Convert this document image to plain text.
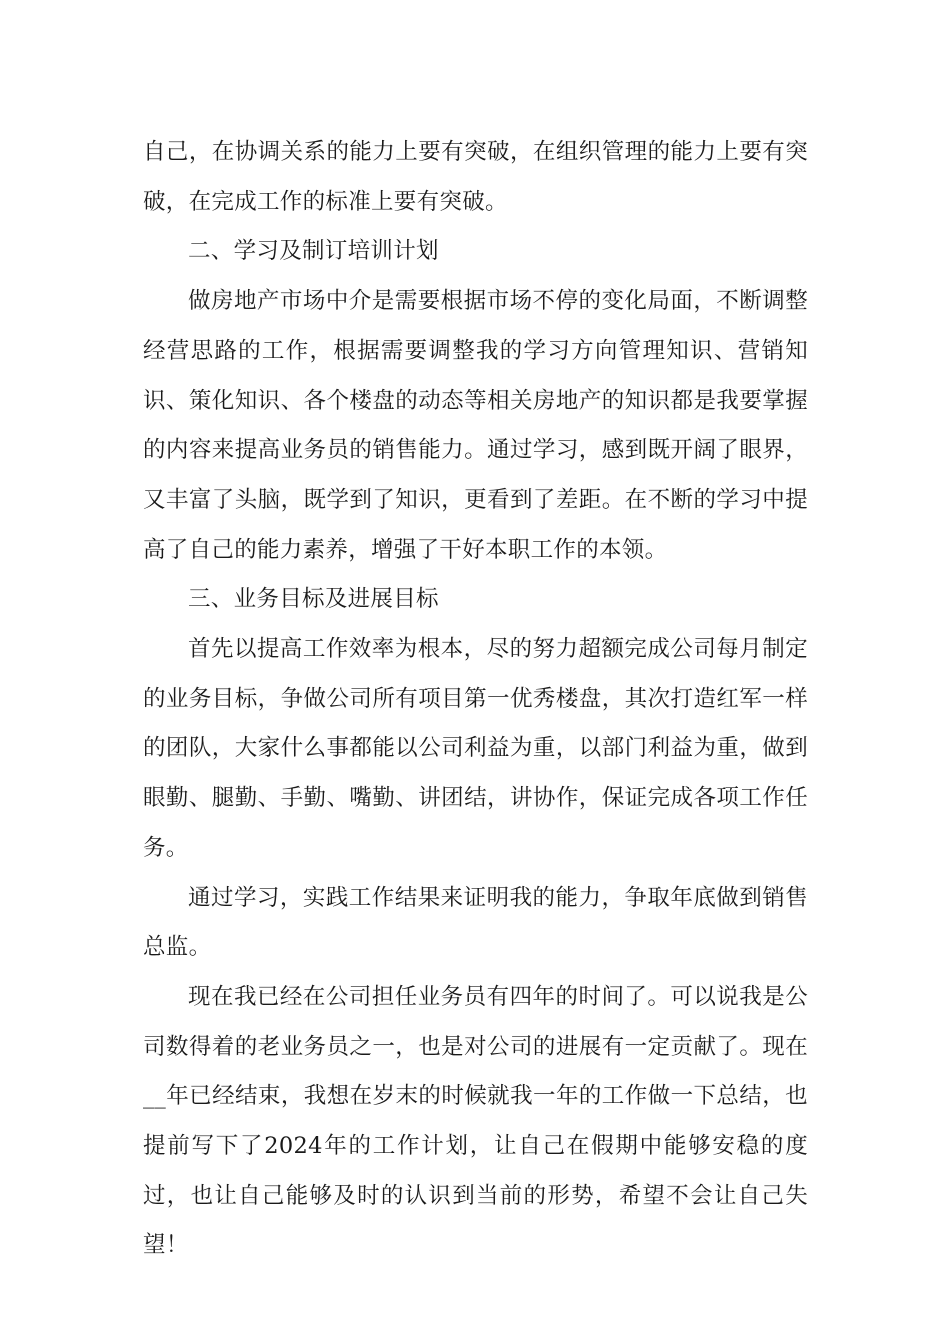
自己，在协调关系的能力上要有突破，在组织管理的能力上要有突破，在完成工作的标准上要有突破。

二、学习及制订培训计划

做房地产市场中介是需要根据市场不停的变化局面，不断调整经营思路的工作，根据需要调整我的学习方向管理知识、营销知识、策化知识、各个楼盘的动态等相关房地产的知识都是我要掌握的内容来提高业务员的销售能力。通过学习，感到既开阔了眼界，又丰富了头脑，既学到了知识，更看到了差距。在不断的学习中提高了自己的能力素养，增强了干好本职工作的本领。

三、业务目标及进展目标

首先以提高工作效率为根本，尽的努力超额完成公司每月制定的业务目标，争做公司所有项目第一优秀楼盘，其次打造红军一样的团队，大家什么事都能以公司利益为重，以部门利益为重，做到眼勤、腿勤、手勤、嘴勤、讲团结，讲协作，保证完成各项工作任务。

通过学习，实践工作结果来证明我的能力，争取年底做到销售总监。

现在我已经在公司担任业务员有四年的时间了。可以说我是公司数得着的老业务员之一，也是对公司的进展有一定贡献了。现在__年已经结束，我想在岁末的时候就我一年的工作做一下总结，也提前写下了2024年的工作计划，让自己在假期中能够安稳的度过，也让自己能够及时的认识到当前的形势，希望不会让自己失望！
